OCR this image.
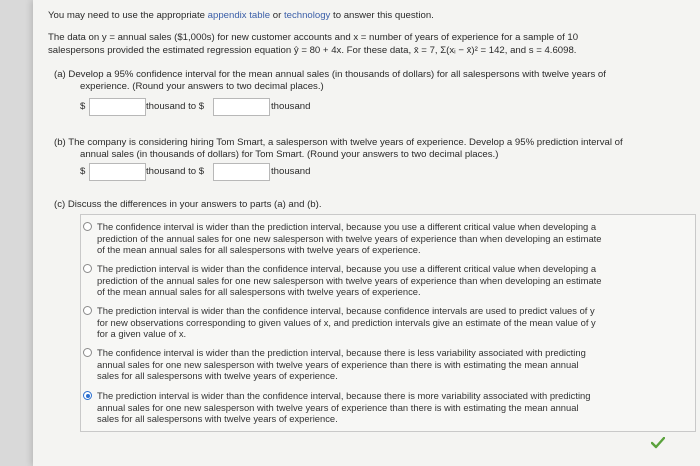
You may need to use the appropriate appendix table or technology to answer this question.
The data on y = annual sales ($1,000s) for new customer accounts and x = number of years of experience for a sample of 10
salespersons provided the estimated regression equation ŷ = 80 + 4x. For these data, x̄ = 7, Σ(xᵢ − x̄)² = 142, and s = 4.6098.
(a) Develop a 95% confidence interval for the mean annual sales (in thousands of dollars) for all salespersons with twelve years of
experience. (Round your answers to two decimal places.)
$	thousand to $	thousand
(b) The company is considering hiring Tom Smart, a salesperson with twelve years of experience. Develop a 95% prediction interval of
annual sales (in thousands of dollars) for Tom Smart. (Round your answers to two decimal places.)
$	thousand to $	thousand
(c) Discuss the differences in your answers to parts (a) and (b).
The confidence interval is wider than the prediction interval, because you use a different critical value when developing a
prediction of the annual sales for one new salesperson with twelve years of experience than when developing an estimate
of the mean annual sales for all salespersons with twelve years of experience.
The prediction interval is wider than the confidence interval, because you use a different critical value when developing a
prediction of the annual sales for one new salesperson with twelve years of experience than when developing an estimate
of the mean annual sales for all salespersons with twelve years of experience.
The prediction interval is wider than the confidence interval, because confidence intervals are used to predict values of y
for new observations corresponding to given values of x, and prediction intervals give an estimate of the mean value of y
for a given value of x.
The confidence interval is wider than the prediction interval, because there is less variability associated with predicting
annual sales for one new salesperson with twelve years of experience than there is with estimating the mean annual
sales for all salespersons with twelve years of experience.
The prediction interval is wider than the confidence interval, because there is more variability associated with predicting
annual sales for one new salesperson with twelve years of experience than there is with estimating the mean annual
sales for all salespersons with twelve years of experience.
